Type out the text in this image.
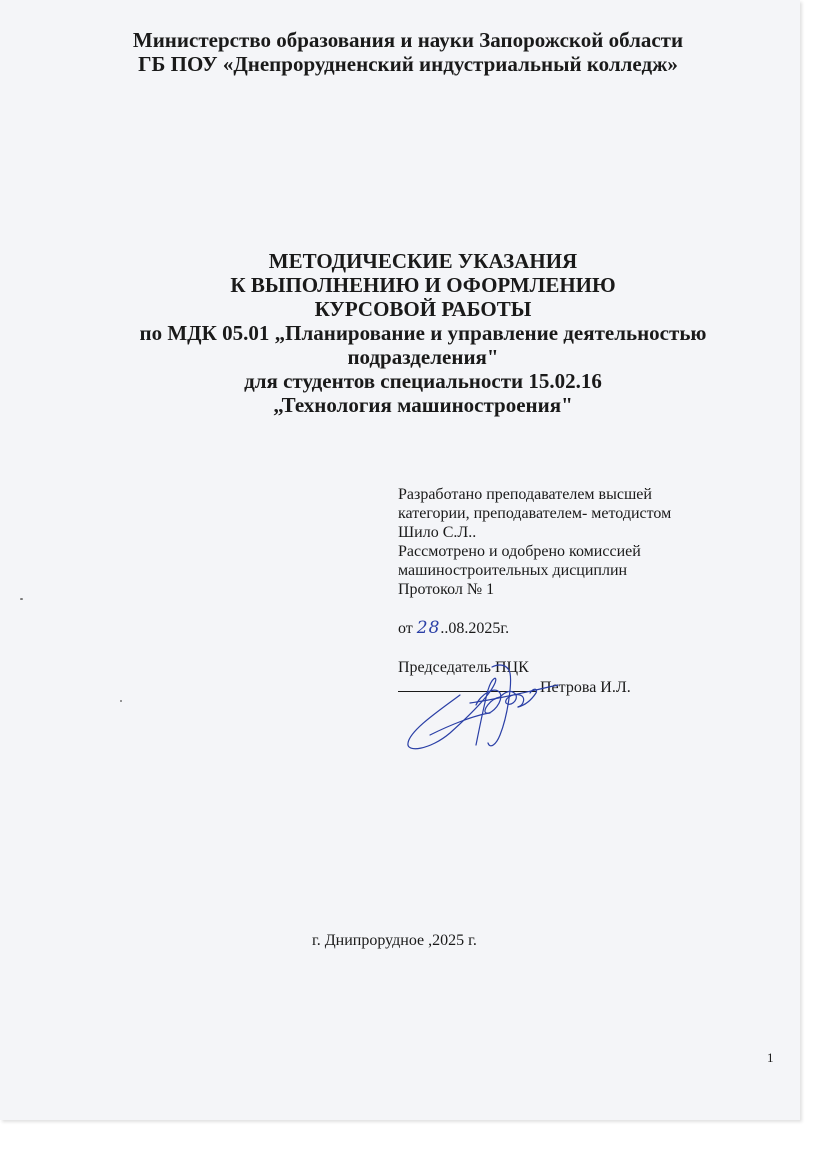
Министерство образования и науки Запорожской области
ГБ ПОУ «Днепрорудненский индустриальный колледж»
МЕТОДИЧЕСКИЕ УКАЗАНИЯ
К ВЫПОЛНЕНИЮ И ОФОРМЛЕНИЮ
КУРСОВОЙ РАБОТЫ
по МДК 05.01 „Планирование и управление деятельностью
подразделения"
для студентов специальности 15.02.16
„Технология машиностроения"
Разработано преподавателем высшей
категории, преподавателем- методистом
Шило С.Л..
Рассмотрено и одобрено комиссией
машиностроительных дисциплин
Протокол № 1
от 28..08.2025г.
Председатель ПЦК
Петрова И.Л.
г. Днипрорудное ,2025 г.
1
